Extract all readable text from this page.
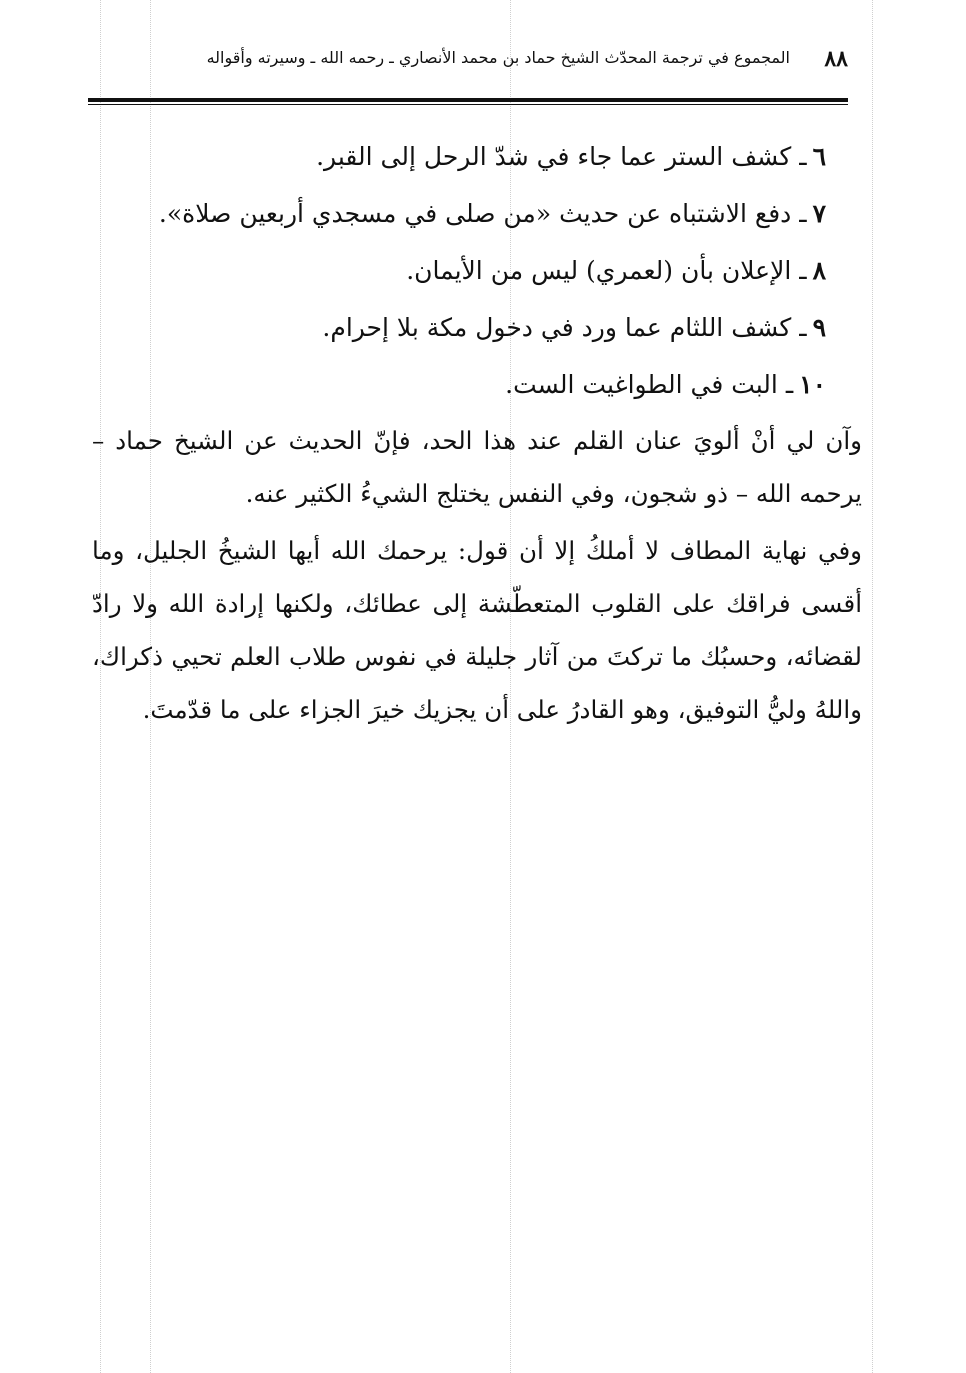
٨٨
المجموع في ترجمة المحدّث الشيخ حماد بن محمد الأنصاري ـ رحمه الله ـ وسيرته وأقواله
٦ـ كشف الستر عما جاء في شدّ الرحل إلى القبر.
٧ـ دفع الاشتباه عن حديث «من صلى في مسجدي أربعين صلاة».
٨ـ الإعلان بأن (لعمري) ليس من الأيمان.
٩ـ كشف اللثام عما ورد في دخول مكة بلا إحرام.
١٠ـ البت في الطواغيت الست.

وآن لي أنْ ألويَ عنان القلم عند هذا الحد، فإنّ الحديث عن الشيخ حماد – يرحمه الله – ذو شجون، وفي النفس يختلج الشيءُ الكثير عنه.

وفي نهاية المطاف لا أملكُ إلا أن قول: يرحمك الله أيها الشيخُ الجليل، وما أقسى فراقك على القلوب المتعطّشة إلى عطائك، ولكنها إرادة الله ولا رادّ لقضائه، وحسبُك ما تركتَ من آثار جليلة في نفوس طلاب العلم تحيي ذكراك، واللهُ وليُّ التوفيق، وهو القادرُ على أن يجزيك خيرَ الجزاء على ما قدّمتَ.
